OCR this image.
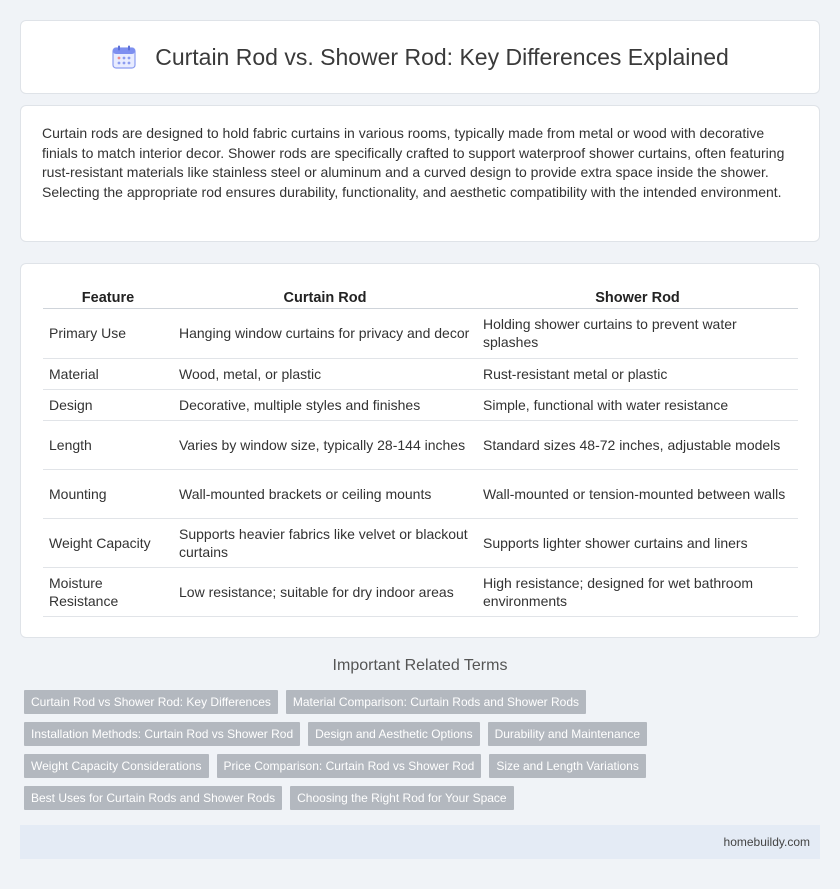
Curtain Rod vs. Shower Rod: Key Differences Explained

Curtain rods are designed to hold fabric curtains in various rooms, typically made from metal or wood with decorative finials to match interior decor. Shower rods are specifically crafted to support waterproof shower curtains, often featuring rust-resistant materials like stainless steel or aluminum and a curved design to provide extra space inside the shower. Selecting the appropriate rod ensures durability, functionality, and aesthetic compatibility with the intended environment.

Feature	Curtain Rod	Shower Rod
Primary Use	Hanging window curtains for privacy and decor	Holding shower curtains to prevent water splashes
Material	Wood, metal, or plastic	Rust-resistant metal or plastic
Design	Decorative, multiple styles and finishes	Simple, functional with water resistance
Length	Varies by window size, typically 28-144 inches	Standard sizes 48-72 inches, adjustable models
Mounting	Wall-mounted brackets or ceiling mounts	Wall-mounted or tension-mounted between walls
Weight Capacity	Supports heavier fabrics like velvet or blackout curtains	Supports lighter shower curtains and liners
Moisture Resistance	Low resistance; suitable for dry indoor areas	High resistance; designed for wet bathroom environments
Important Related Terms
Curtain Rod vs Shower Rod: Key Differences	Material Comparison: Curtain Rods and Shower Rods
Installation Methods: Curtain Rod vs Shower Rod	Design and Aesthetic Options	Durability and Maintenance
Weight Capacity Considerations	Price Comparison: Curtain Rod vs Shower Rod	Size and Length Variations
Best Uses for Curtain Rods and Shower Rods	Choosing the Right Rod for Your Space
homebuildy.com
